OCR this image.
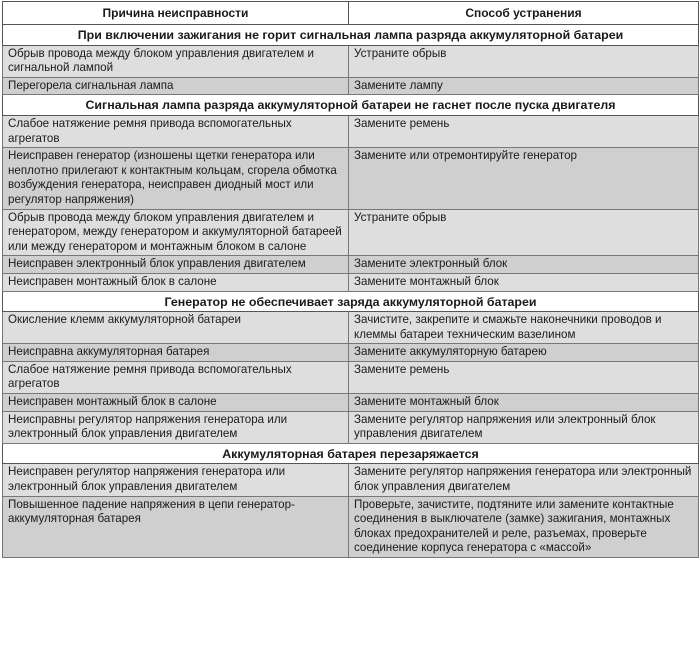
Причина неисправности	Способ устранения
При включении зажигания не горит сигнальная лампа разряда аккумуляторной батареи	
Обрыв провода между блоком управления двигателем и сигнальной лампой	Устраните обрыв
Перегорела сигнальная лампа	Замените лампу
Сигнальная лампа разряда аккумуляторной батареи не гаснет после пуска двигателя	
Слабое натяжение ремня привода вспомогательных агрегатов	Замените ремень
Неисправен генератор (изношены щетки генератора или неплотно прилегают к контактным кольцам, сгорела обмотка возбуждения генератора, неисправен диодный мост или регулятор напряжения)	Замените или отремонтируйте генератор
Обрыв провода между блоком управления двигателем и генератором, между генератором и аккумуляторной батареей или между генератором и монтажным блоком в салоне	Устраните обрыв
Неисправен электронный блок управления двигателем	Замените электронный блок
Неисправен монтажный блок в салоне	Замените монтажный блок
Генератор не обеспечивает заряда аккумуляторной батареи	
Окисление клемм аккумуляторной батареи	Зачистите, закрепите и смажьте наконечники проводов и клеммы батареи техническим вазелином
Неисправна аккумуляторная батарея	Замените аккумуляторную батарею
Слабое натяжение ремня привода вспомогательных агрегатов	Замените ремень
Неисправен монтажный блок в салоне	Замените монтажный блок
Неисправны регулятор напряжения генератора или электронный блок управления двигателем	Замените регулятор напряжения или электронный блок управления двигателем
Аккумуляторная батарея перезаряжается	
Неисправен регулятор напряжения генератора или электронный блок управления двигателем	Замените регулятор напряжения генератора или электронный блок управления двигателем
Повышенное падение напряжения в цепи генератор-аккумуляторная батарея	Проверьте, зачистите, подтяните или замените контактные соединения в выключателе (замке) зажигания, монтажных блоках предохранителей и реле, разъемах, проверьте соединение корпуса генератора с «массой»
